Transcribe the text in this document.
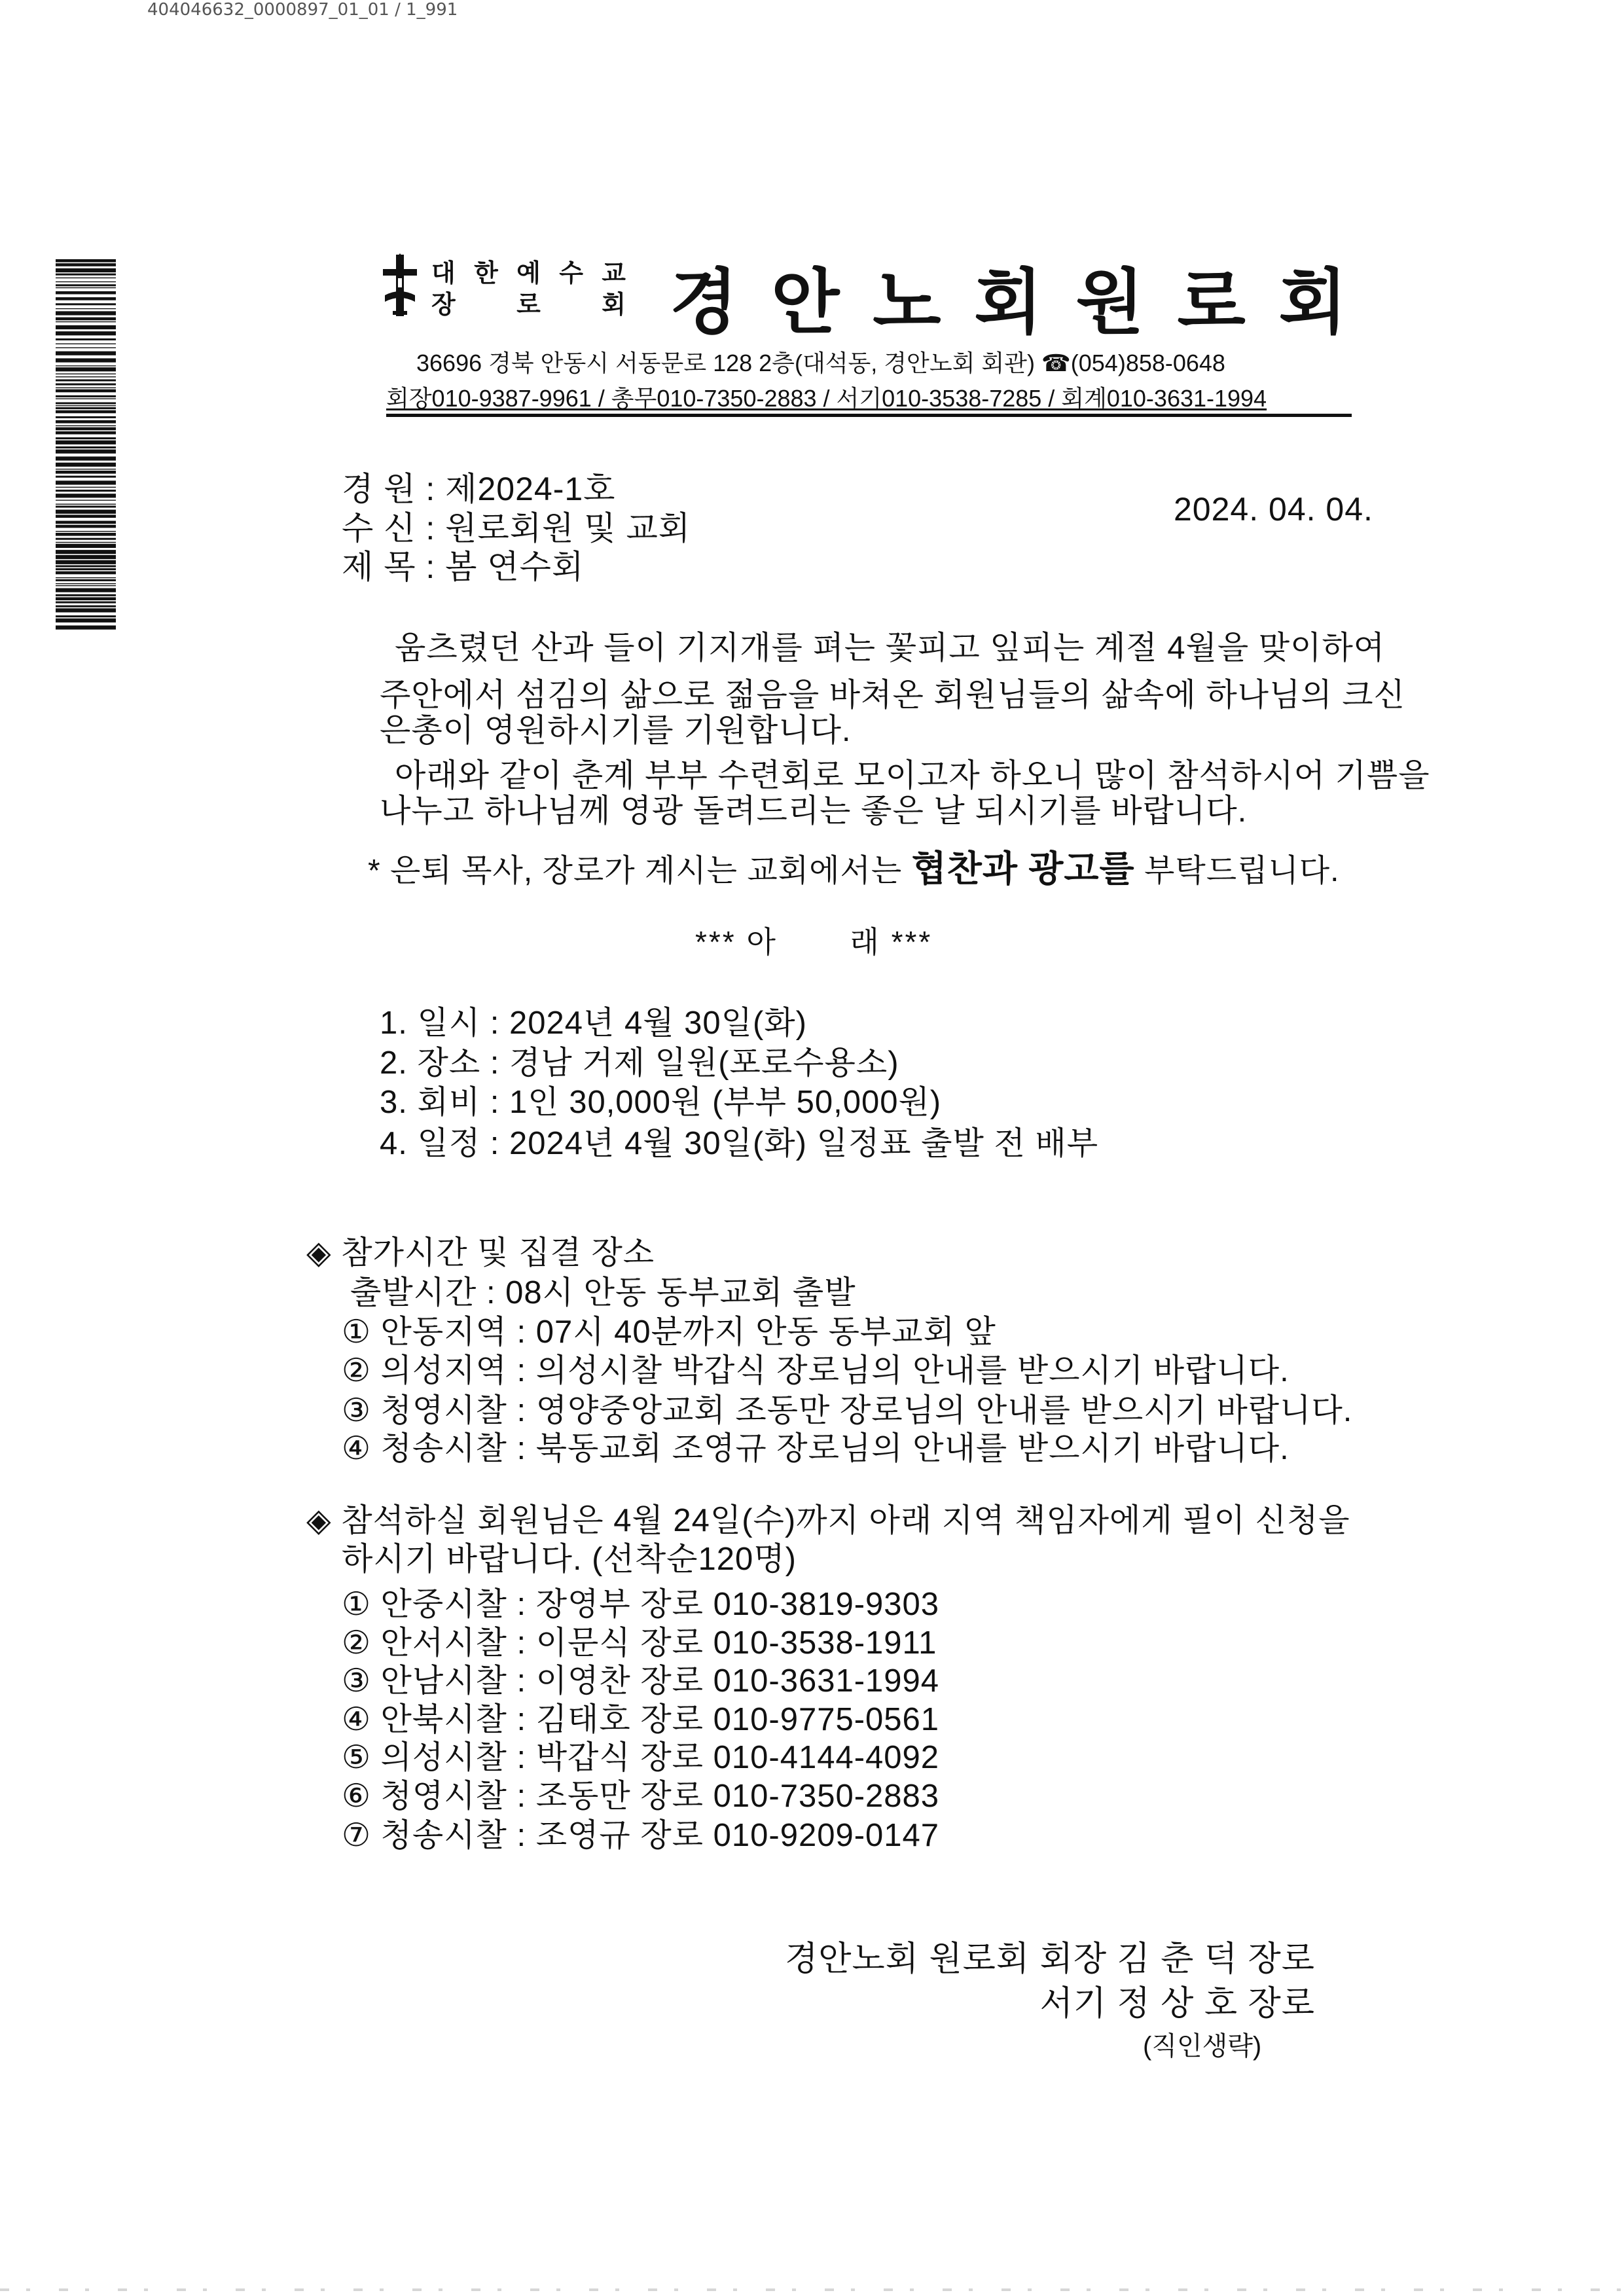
404046632_0000897_01_01 / 1_991
대 한 예 수 교
장 로 회 경 안 노 회 원 로 회
36696 경북 안동시 서동문로 128 2층(대석동, 경안노회 회관) ☎(054)858-0648
회장010-9387-9961 / 총무010-7350-2883 / 서기010-3538-7285 / 회계010-3631-1994
경 원 : 제2024-1호
수 신 : 원로회원 및 교회
제 목 : 봄 연수회
2024. 04. 04.
움츠렸던 산과 들이 기지개를 펴는 꽃피고 잎피는 계절 4월을 맞이하여
주안에서 섬김의 삶으로 젊음을 바쳐온 회원님들의 삶속에 하나님의 크신
은총이 영원하시기를 기원합니다.
아래와 같이 춘계 부부 수련회로 모이고자 하오니 많이 참석하시어 기쁨을
나누고 하나님께 영광 돌려드리는 좋은 날 되시기를 바랍니다.
* 은퇴 목사, 장로가 계시는 교회에서는 협찬과 광고를 부탁드립니다.
*** 아       래 ***
1. 일시 : 2024년 4월 30일(화)
2. 장소 : 경남 거제 일원(포로수용소)
3. 회비 : 1인 30,000원 (부부 50,000원)
4. 일정 : 2024년 4월 30일(화) 일정표 출발 전 배부
◈ 참가시간 및 집결 장소
출발시간 : 08시 안동 동부교회 출발
① 안동지역 : 07시 40분까지 안동 동부교회 앞
② 의성지역 : 의성시찰 박갑식 장로님의 안내를 받으시기 바랍니다.
③ 청영시찰 : 영양중앙교회 조동만 장로님의 안내를 받으시기 바랍니다.
④ 청송시찰 : 북동교회 조영규 장로님의 안내를 받으시기 바랍니다.
◈ 참석하실 회원님은 4월 24일(수)까지 아래 지역 책임자에게 필이 신청을
하시기 바랍니다. (선착순120명)
① 안중시찰 : 장영부 장로 010-3819-9303
② 안서시찰 : 이문식 장로 010-3538-1911
③ 안남시찰 : 이영찬 장로 010-3631-1994
④ 안북시찰 : 김태호 장로 010-9775-0561
⑤ 의성시찰 : 박갑식 장로 010-4144-4092
⑥ 청영시찰 : 조동만 장로 010-7350-2883
⑦ 청송시찰 : 조영규 장로 010-9209-0147
경안노회 원로회 회장 김 춘 덕 장로
서기 정 상 호 장로
(직인생략)
